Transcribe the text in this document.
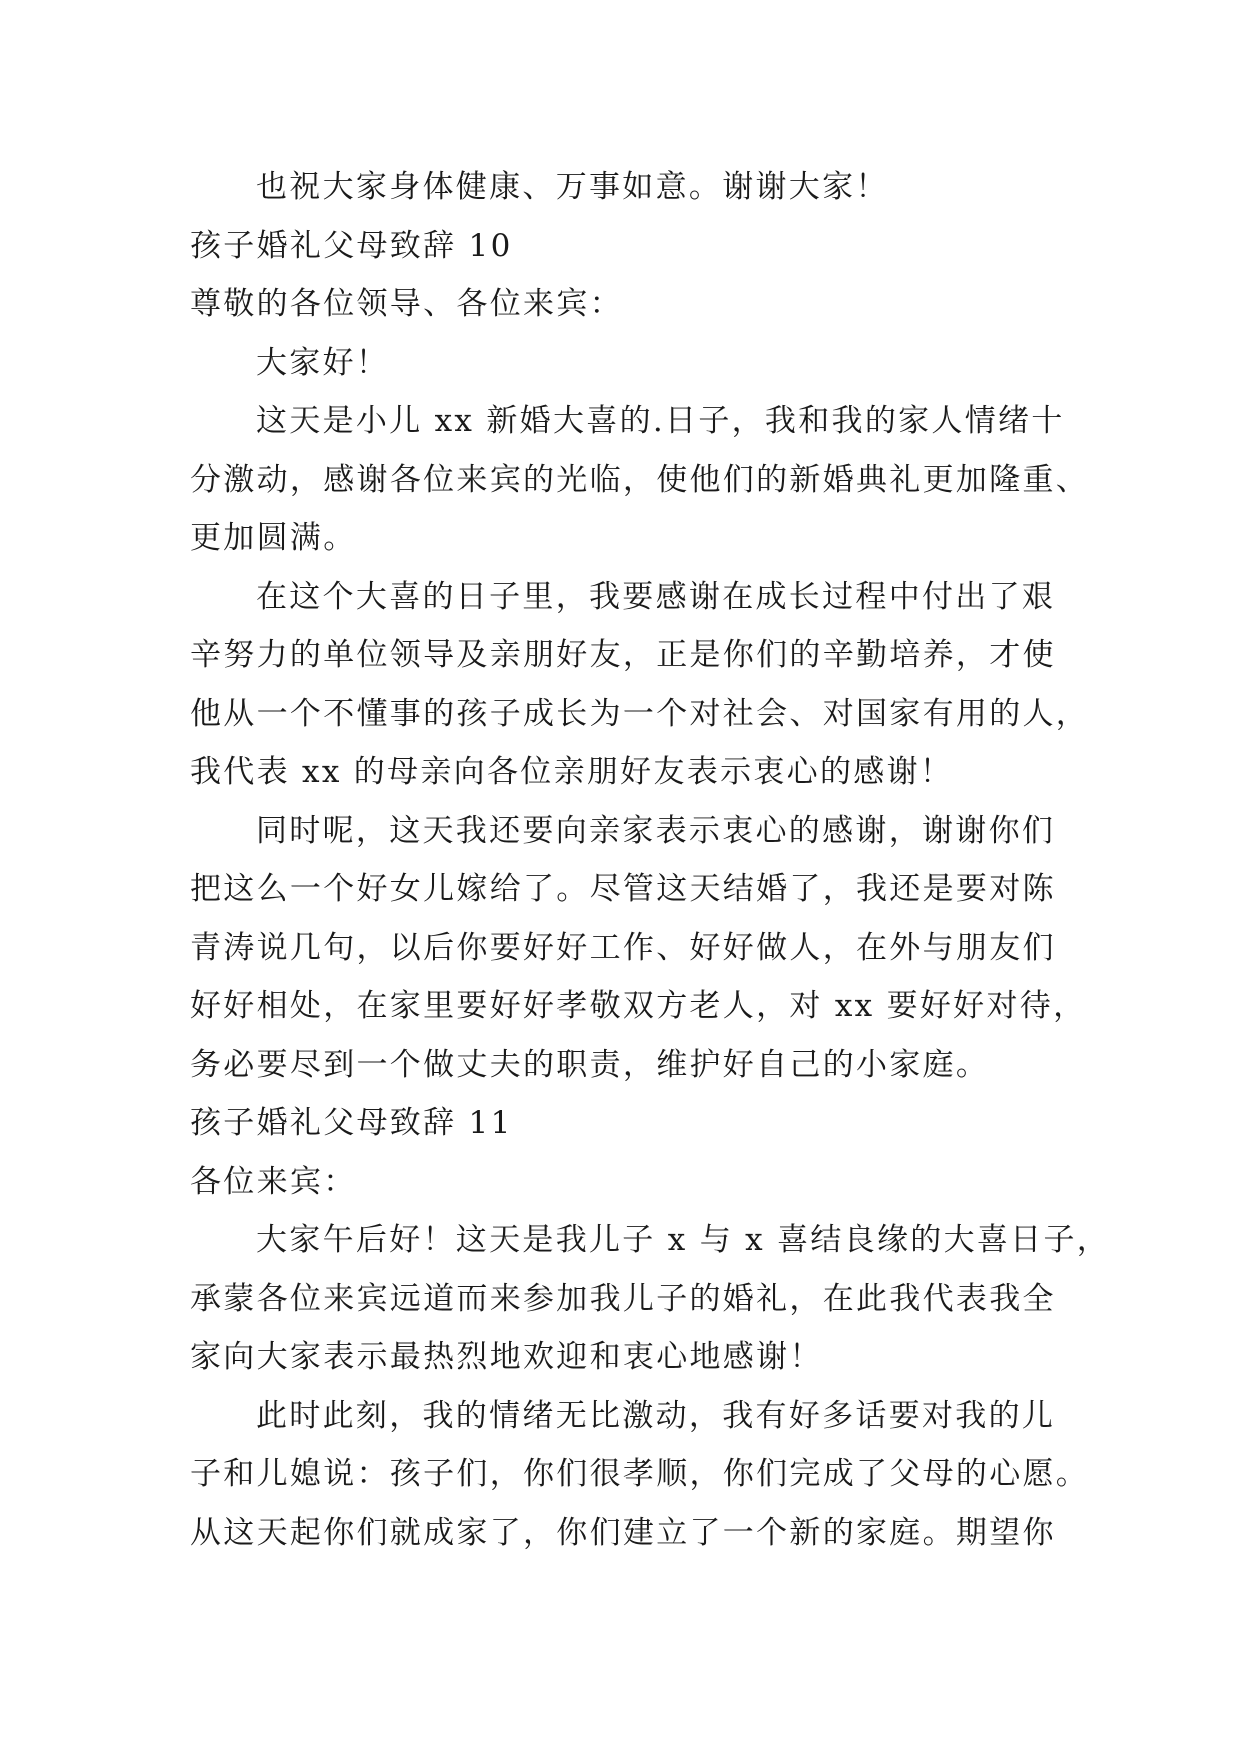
也祝大家身体健康、万事如意。谢谢大家！
孩子婚礼父母致辞 10
尊敬的各位领导、各位来宾：
大家好！
这天是小儿 xx 新婚大喜的.日子，我和我的家人情绪十
分激动，感谢各位来宾的光临，使他们的新婚典礼更加隆重、
更加圆满。
在这个大喜的日子里，我要感谢在成长过程中付出了艰
辛努力的单位领导及亲朋好友，正是你们的辛勤培养，才使
他从一个不懂事的孩子成长为一个对社会、对国家有用的人，
我代表 xx 的母亲向各位亲朋好友表示衷心的感谢！
同时呢，这天我还要向亲家表示衷心的感谢，谢谢你们
把这么一个好女儿嫁给了。尽管这天结婚了，我还是要对陈
青涛说几句，以后你要好好工作、好好做人，在外与朋友们
好好相处，在家里要好好孝敬双方老人，对 xx 要好好对待，
务必要尽到一个做丈夫的职责，维护好自己的小家庭。
孩子婚礼父母致辞 11
各位来宾：
大家午后好！这天是我儿子 x 与 x 喜结良缘的大喜日子，
承蒙各位来宾远道而来参加我儿子的婚礼，在此我代表我全
家向大家表示最热烈地欢迎和衷心地感谢！
此时此刻，我的情绪无比激动，我有好多话要对我的儿
子和儿媳说：孩子们，你们很孝顺，你们完成了父母的心愿。
从这天起你们就成家了，你们建立了一个新的家庭。期望你
